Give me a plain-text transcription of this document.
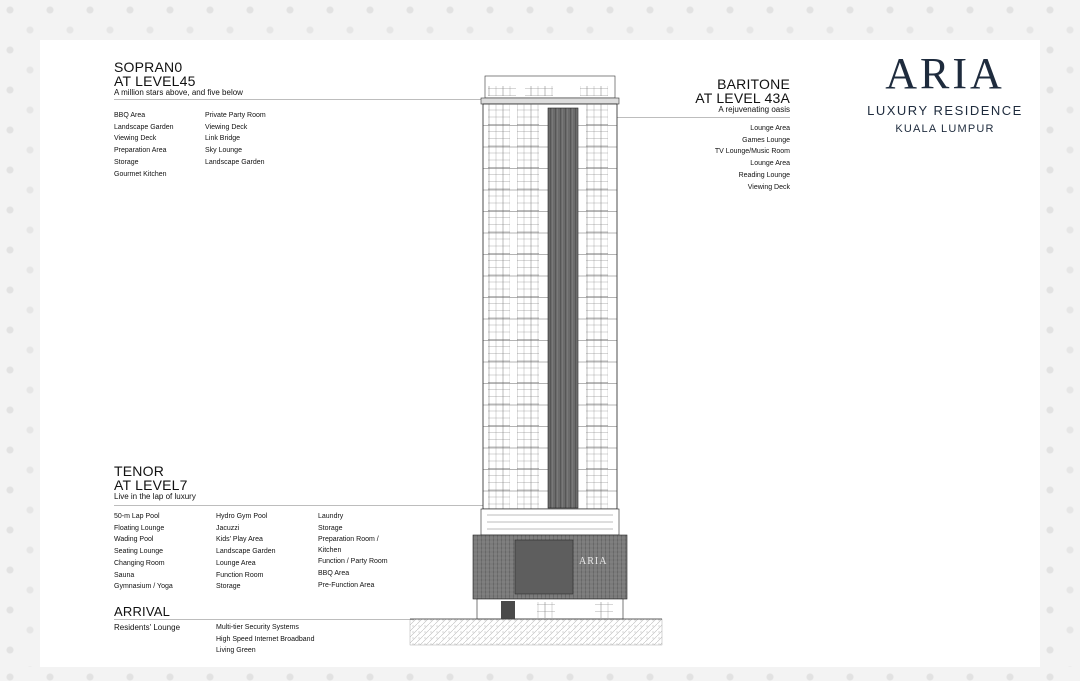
ARIA
LUXURY RESIDENCE
KUALA LUMPUR
SOPRAN0
AT LEVEL45
A million stars above, and five below
BBQ Area
Landscape Garden
Viewing Deck
Preparation Area
Storage
Gourmet Kitchen
Private Party Room
Viewing Deck
Link Bridge
Sky Lounge
Landscape Garden
BARITONE
AT LEVEL 43A
A rejuvenating oasis
Lounge Area
Games Lounge
TV Lounge/Music Room
Lounge Area
Reading Lounge
Viewing Deck
TENOR
AT LEVEL7
Live in the lap of luxury
50-m Lap Pool
Floating Lounge
Wading Pool
Seating Lounge
Changing Room
Sauna
Gymnasium / Yoga
Hydro Gym Pool
Jacuzzi
Kids' Play Area
Landscape Garden
Lounge Area
Function Room
Storage
Laundry
Storage
Preparation Room /
Kitchen
Function / Party Room
BBQ Area
Pre-Function Area
ARRIVAL
Residents' Lounge	Multi-tier Security Systems
High Speed Internet Broadband
Living Green
ARIA
